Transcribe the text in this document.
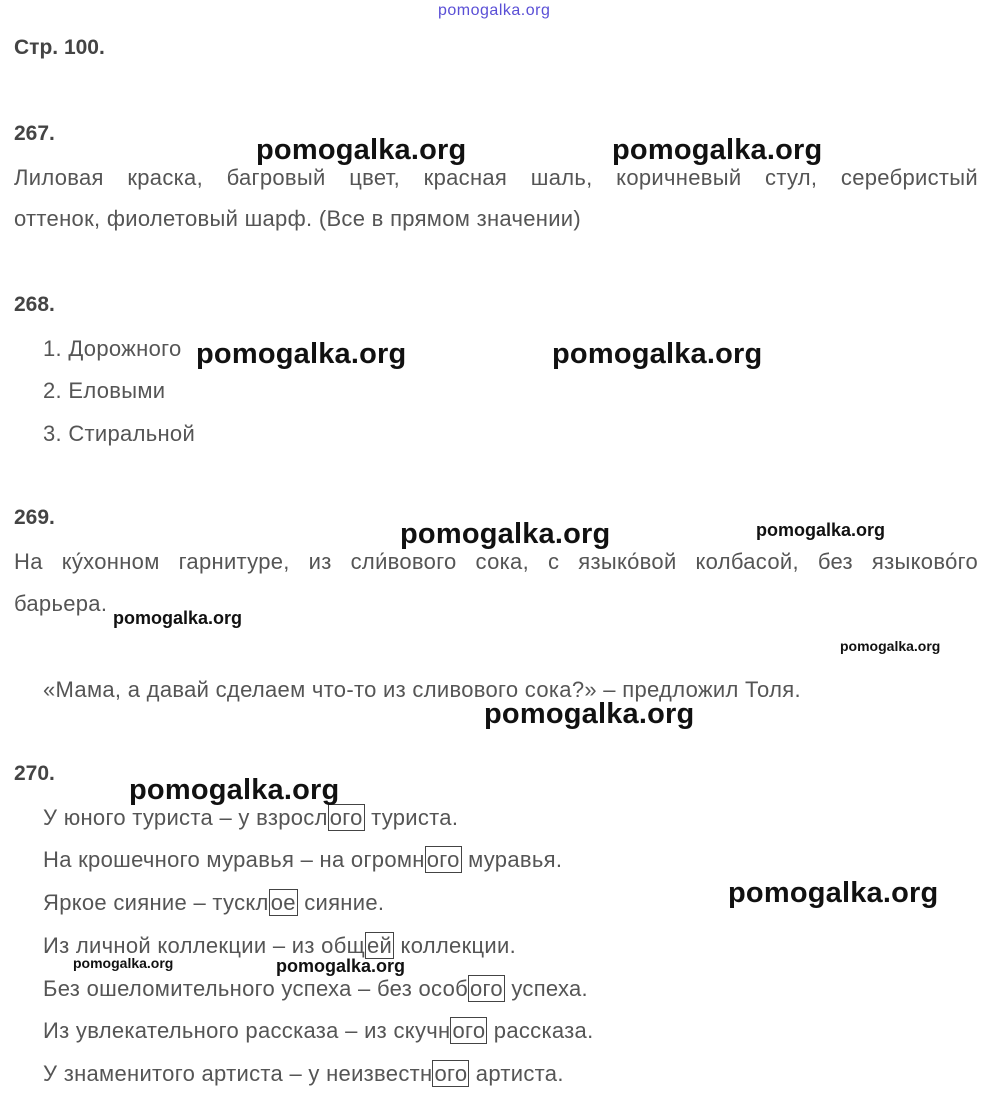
pomogalka.org
Стр. 100.
267.
Лиловая краска, багровый цвет, красная шаль, коричневый стул, серебристый
оттенок, фиолетовый шарф. (Все в прямом значении)
268.
1. Дорожного
2. Еловыми
3. Стиральной
269.
На ку́хонном гарнитуре, из сли́вового сока, с языко́вой колбасой, без языково́го
барьера.
«Мама, а давай сделаем что-то из сливового сока?» – предложил Толя.
270.
У юного туриста – у взрослого туриста.
На крошечного муравья – на огромного муравья.
Яркое сияние – тусклое сияние.
Из личной коллекции – из общей коллекции.
Без ошеломительного успеха – без особого успеха.
Из увлекательного рассказа – из скучного рассказа.
У знаменитого артиста – у неизвестного артиста.
pomogalka.org	pomogalka.org
pomogalka.org	pomogalka.org
pomogalka.org	pomogalka.org
pomogalka.org
pomogalka.org
pomogalka.org
pomogalka.org
pomogalka.org
pomogalka.org	pomogalka.org
